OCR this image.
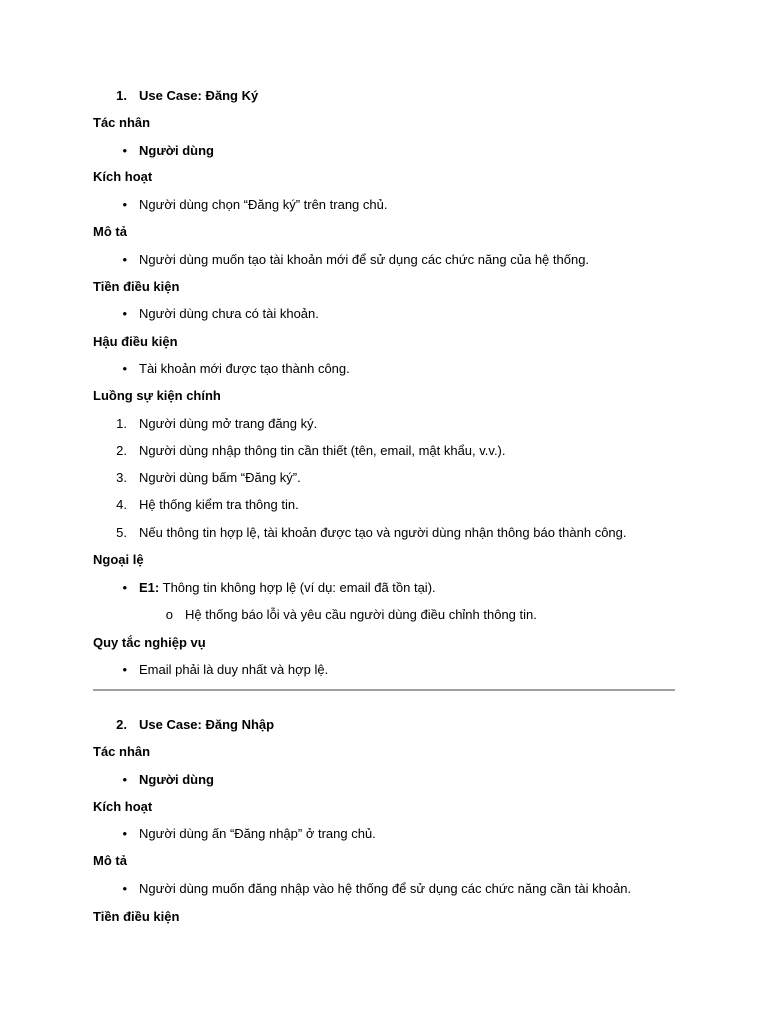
1. Use Case: Đăng Ký
Tác nhân
• Người dùng
Kích hoạt
• Người dùng chọn “Đăng ký” trên trang chủ.
Mô tả
• Người dùng muốn tạo tài khoản mới để sử dụng các chức năng của hệ thống.
Tiền điều kiện
• Người dùng chưa có tài khoản.
Hậu điều kiện
• Tài khoản mới được tạo thành công.
Luồng sự kiện chính
1. Người dùng mở trang đăng ký.
2. Người dùng nhập thông tin cần thiết (tên, email, mật khẩu, v.v.).
3. Người dùng bấm “Đăng ký”.
4. Hệ thống kiểm tra thông tin.
5. Nếu thông tin hợp lệ, tài khoản được tạo và người dùng nhận thông báo thành công.
Ngoại lệ
• E1: Thông tin không hợp lệ (ví dụ: email đã tồn tại).
o Hệ thống báo lỗi và yêu cầu người dùng điều chỉnh thông tin.
Quy tắc nghiệp vụ
• Email phải là duy nhất và hợp lệ.
2. Use Case: Đăng Nhập
Tác nhân
• Người dùng
Kích hoạt
• Người dùng ấn “Đăng nhập” ở trang chủ.
Mô tả
• Người dùng muốn đăng nhập vào hệ thống để sử dụng các chức năng cần tài khoản.
Tiền điều kiện
